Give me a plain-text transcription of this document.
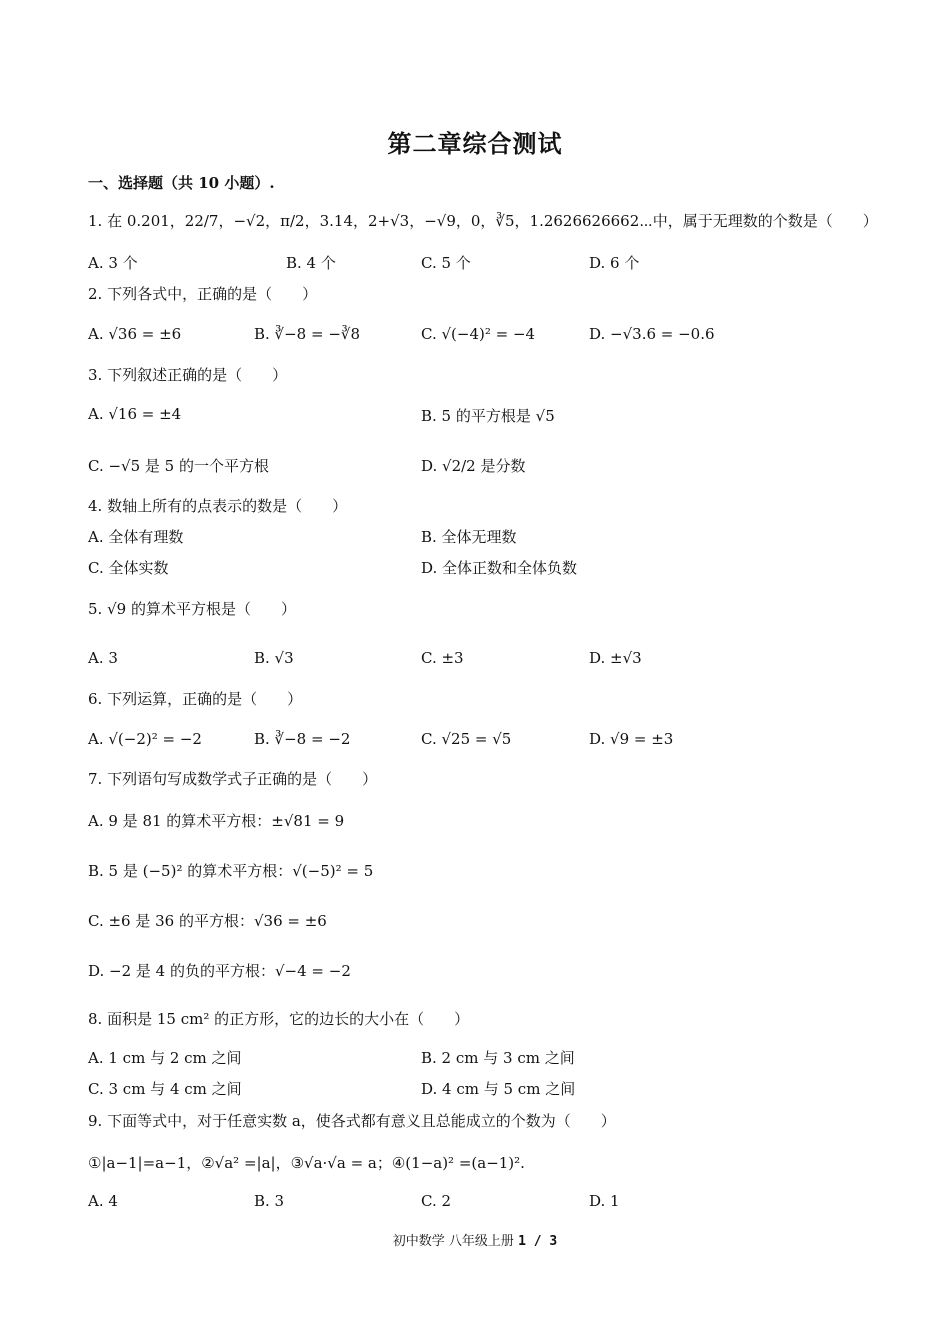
第二章综合测试
一、选择题（共 10 小题）.
1. 在 0.201，22/7，−√2，π/2，3.14，2+√3，−√9，0，∛5，1.2626626662⋯中，属于无理数的个数是（　　）
A. 3 个	B. 4 个	C. 5 个	D. 6 个
2. 下列各式中，正确的是（　　）
A. √36 = ±6	B. ∛−8 = −∛8	C. √(−4)² = −4	D. −√3.6 = −0.6
3. 下列叙述正确的是（　　）
A. √16 = ±4	B. 5 的平方根是 √5
C. −√5 是 5 的一个平方根	D. √2/2 是分数
4. 数轴上所有的点表示的数是（　　）
A. 全体有理数	B. 全体无理数
C. 全体实数	D. 全体正数和全体负数
5. √9 的算术平方根是（　　）
A. 3	B. √3	C. ±3	D. ±√3
6. 下列运算，正确的是（　　）
A. √(−2)² = −2	B. ∛−8 = −2	C. √25 = √5	D. √9 = ±3
7. 下列语句写成数学式子正确的是（　　）
A. 9 是 81 的算术平方根：±√81 = 9
B. 5 是 (−5)² 的算术平方根：√(−5)² = 5
C. ±6 是 36 的平方根：√36 = ±6
D. −2 是 4 的负的平方根：√−4 = −2
8. 面积是 15 cm² 的正方形，它的边长的大小在（　　）
A. 1 cm 与 2 cm 之间	B. 2 cm 与 3 cm 之间
C. 3 cm 与 4 cm 之间	D. 4 cm 与 5 cm 之间
9. 下面等式中，对于任意实数 a，使各式都有意义且总能成立的个数为（　　）
①|a−1|=a−1，②√a² =|a|，③√a·√a = a；④(1−a)² =(a−1)².
A. 4	B. 3	C. 2	D. 1
初中数学 八年级上册 1 / 3
